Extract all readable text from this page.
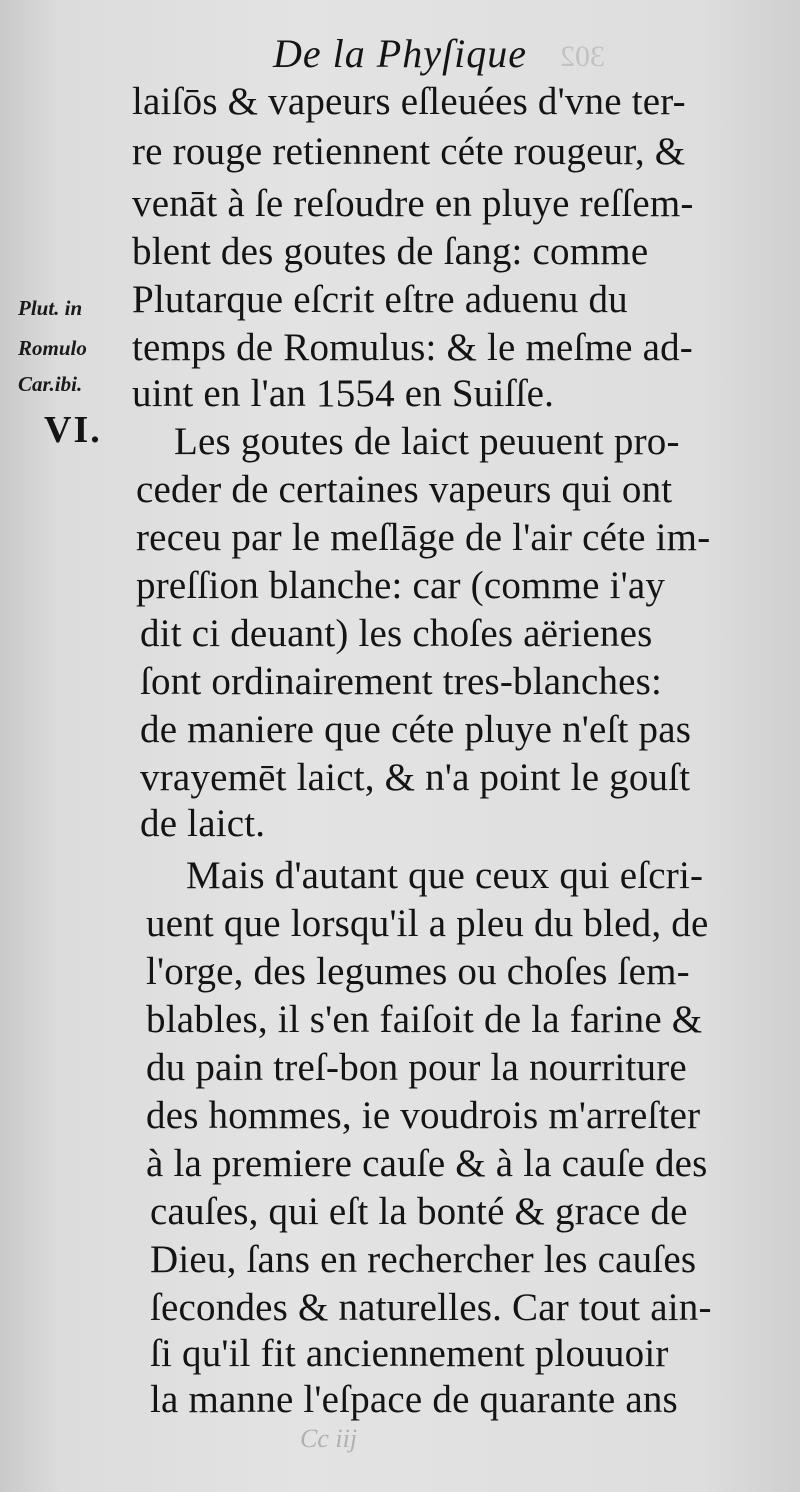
302
De la Phyſique
Plut. in
Romulo
Car.ibi.
VI.
laiſōs & vapeurs eſleuées d'vne ter-
re rouge retiennent céte rougeur, &
venāt à ſe reſoudre en pluye reſſem-
blent des goutes de ſang: comme
Plutarque eſcrit eſtre aduenu du
temps de Romulus: & le meſme ad-
uint en l'an 1554 en Suiſſe.
Les goutes de laict peuuent pro-
ceder de certaines vapeurs qui ont
receu par le meſlāge de l'air céte im-
preſſion blanche: car (comme i'ay
dit ci deuant) les choſes aërienes
ſont ordinairement tres-blanches:
de maniere que céte pluye n'eſt pas
vrayemēt laict, & n'a point le gouſt
de laict.
Mais d'autant que ceux qui eſcri-
uent que lorsqu'il a pleu du bled, de
l'orge, des legumes ou choſes ſem-
blables, il s'en faiſoit de la farine &
du pain treſ-bon pour la nourriture
des hommes, ie voudrois m'arreſter
à la premiere cauſe & à la cauſe des
cauſes, qui eſt la bonté & grace de
Dieu, ſans en rechercher les cauſes
ſecondes & naturelles. Car tout ain-
ſi qu'il fit anciennement plouuoir
la manne l'eſpace de quarante ans
Cc iij
